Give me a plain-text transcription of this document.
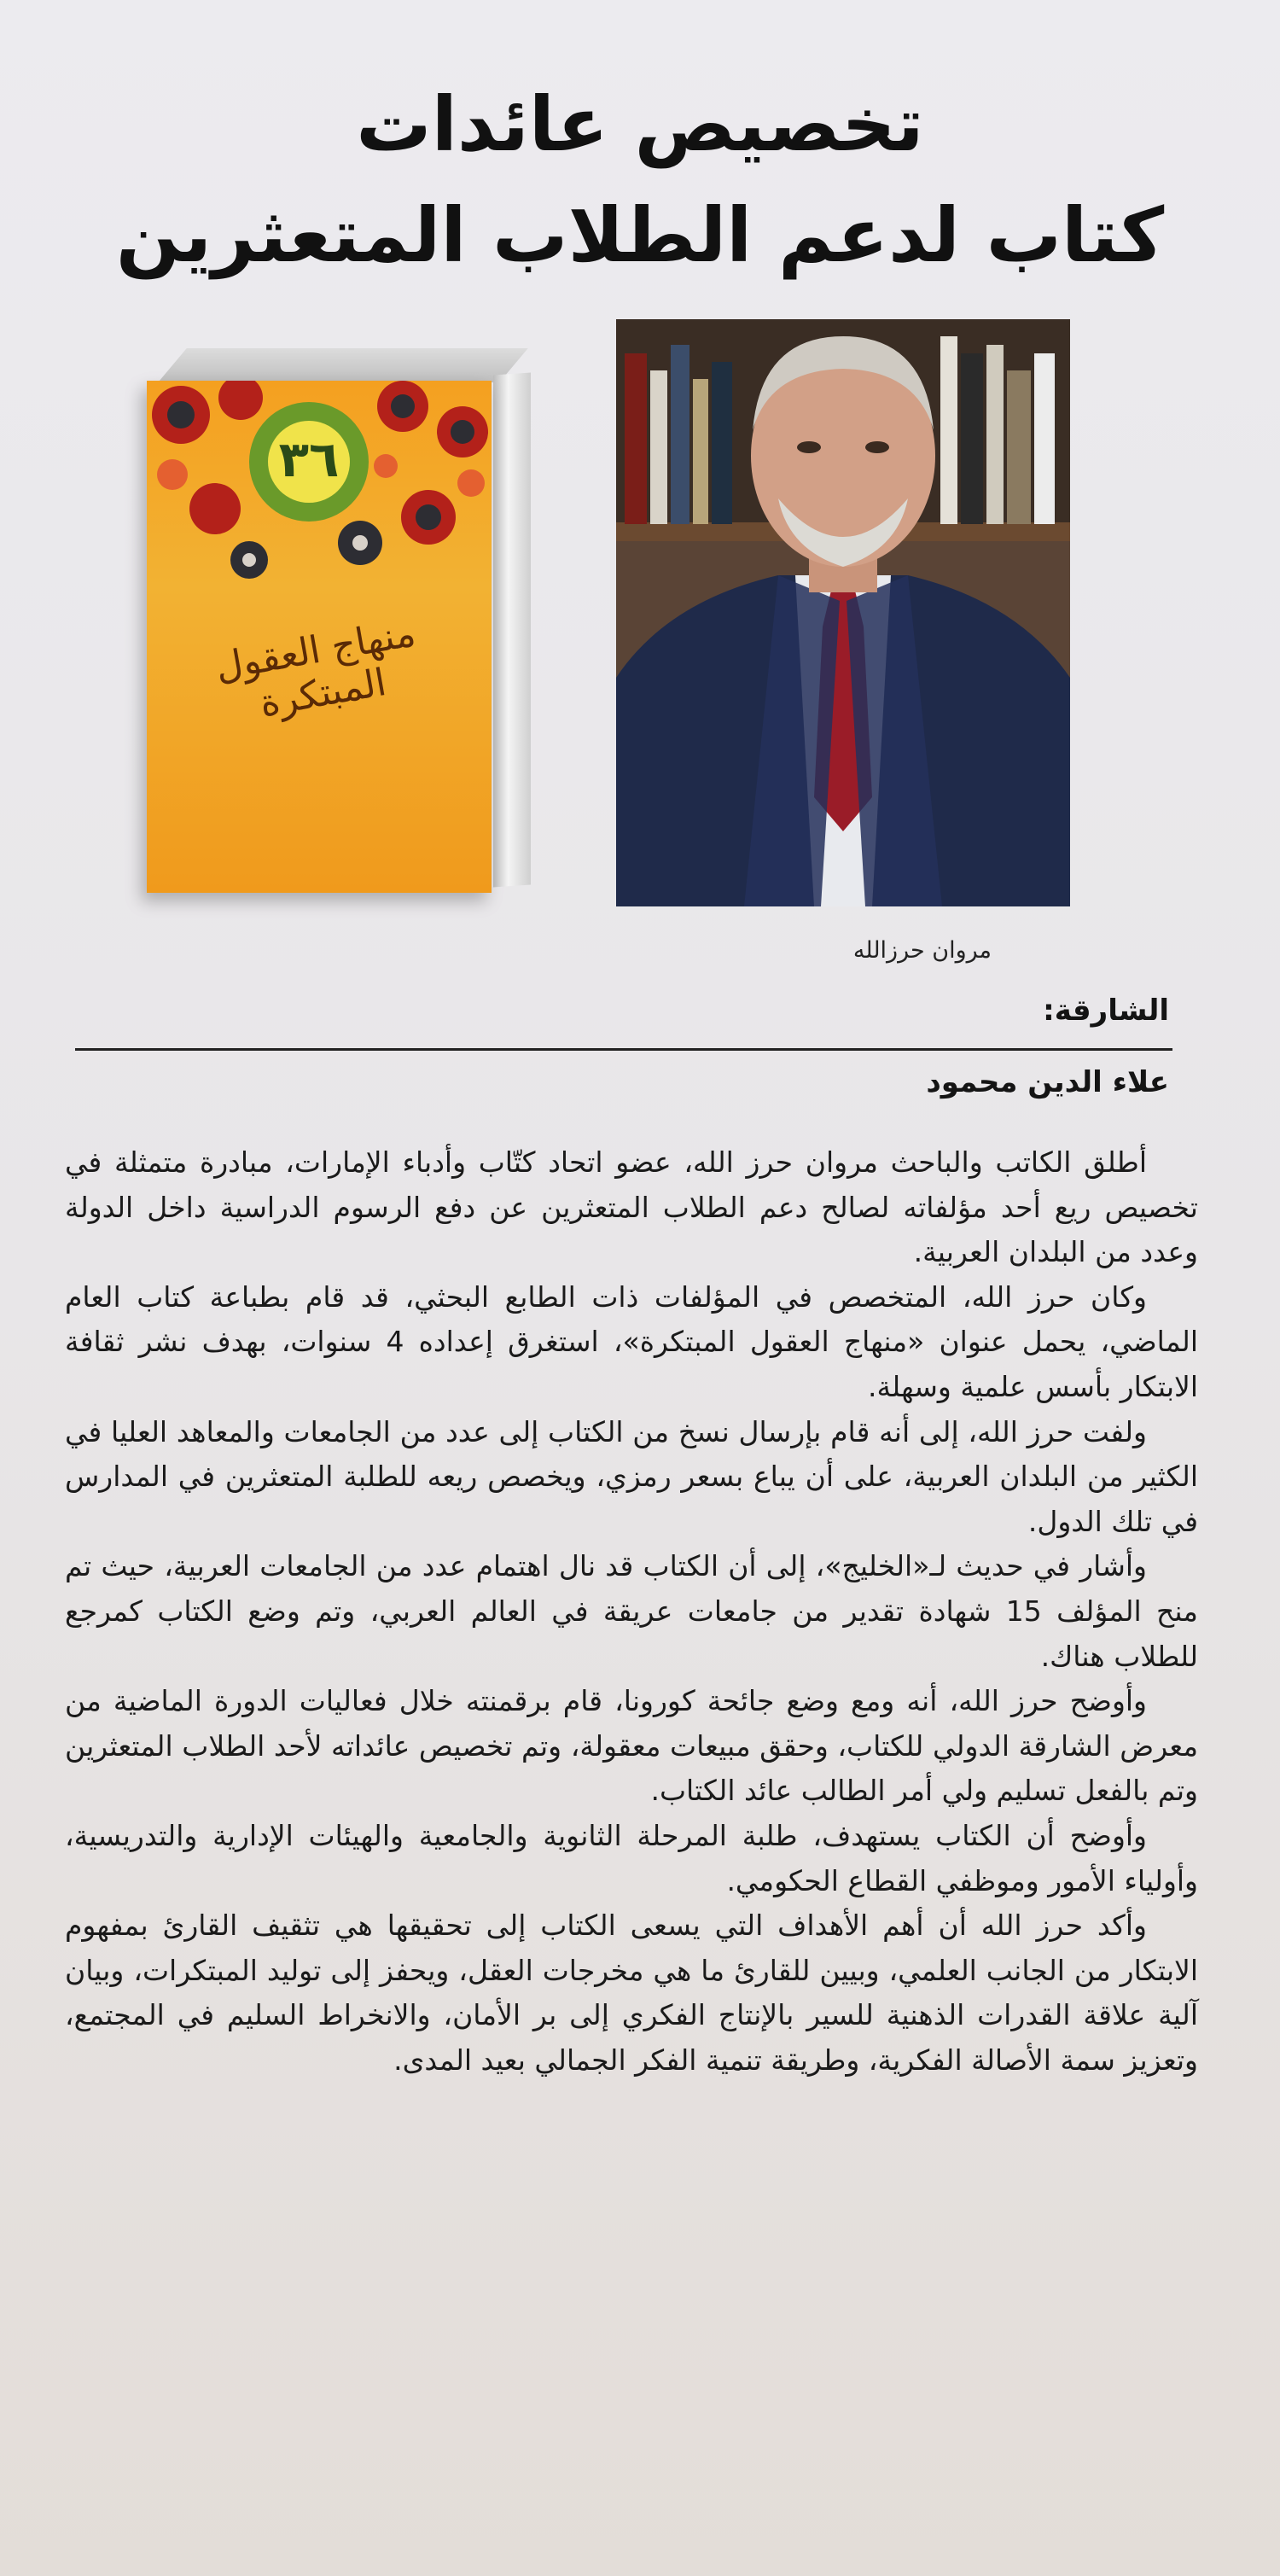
تخصيص عائدات
كتاب لدعم الطلاب المتعثرين
٣٦
منهاج العقول المبتكرة
مروان حرزالله
الشارقة:
علاء الدين محمود

أطلق الكاتب والباحث مروان حرز الله، عضو اتحاد كتّاب وأدباء الإمارات، مبادرة متمثلة في تخصيص ريع أحد مؤلفاته لصالح دعم الطلاب المتعثرين عن دفع الرسوم الدراسية داخل الدولة وعدد من البلدان العربية.

وكان حرز الله، المتخصص في المؤلفات ذات الطابع البحثي، قد قام بطباعة كتاب العام الماضي، يحمل عنوان «منهاج العقول المبتكرة»، استغرق إعداده 4 سنوات، بهدف نشر ثقافة الابتكار بأسس علمية وسهلة.

ولفت حرز الله، إلى أنه قام بإرسال نسخ من الكتاب إلى عدد من الجامعات والمعاهد العليا في الكثير من البلدان العربية، على أن يباع بسعر رمزي، ويخصص ريعه للطلبة المتعثرين في المدارس في تلك الدول.

وأشار في حديث لـ«الخليج»، إلى أن الكتاب قد نال اهتمام عدد من الجامعات العربية، حيث تم منح المؤلف 15 شهادة تقدير من جامعات عريقة في العالم العربي، وتم وضع الكتاب كمرجع للطلاب هناك.

وأوضح حرز الله، أنه ومع وضع جائحة كورونا، قام برقمنته خلال فعاليات الدورة الماضية من معرض الشارقة الدولي للكتاب، وحقق مبيعات معقولة، وتم تخصيص عائداته لأحد الطلاب المتعثرين وتم بالفعل تسليم ولي أمر الطالب عائد الكتاب.

وأوضح أن الكتاب يستهدف، طلبة المرحلة الثانوية والجامعية والهيئات الإدارية والتدريسية، وأولياء الأمور وموظفي القطاع الحكومي.

وأكد حرز الله أن أهم الأهداف التي يسعى الكتاب إلى تحقيقها هي تثقيف القارئ بمفهوم الابتكار من الجانب العلمي، وبيين للقارئ ما هي مخرجات العقل، ويحفز إلى توليد المبتكرات، وبيان آلية علاقة القدرات الذهنية للسير بالإنتاج الفكري إلى بر الأمان، والانخراط السليم في المجتمع، وتعزيز سمة الأصالة الفكرية، وطريقة تنمية الفكر الجمالي بعيد المدى.
